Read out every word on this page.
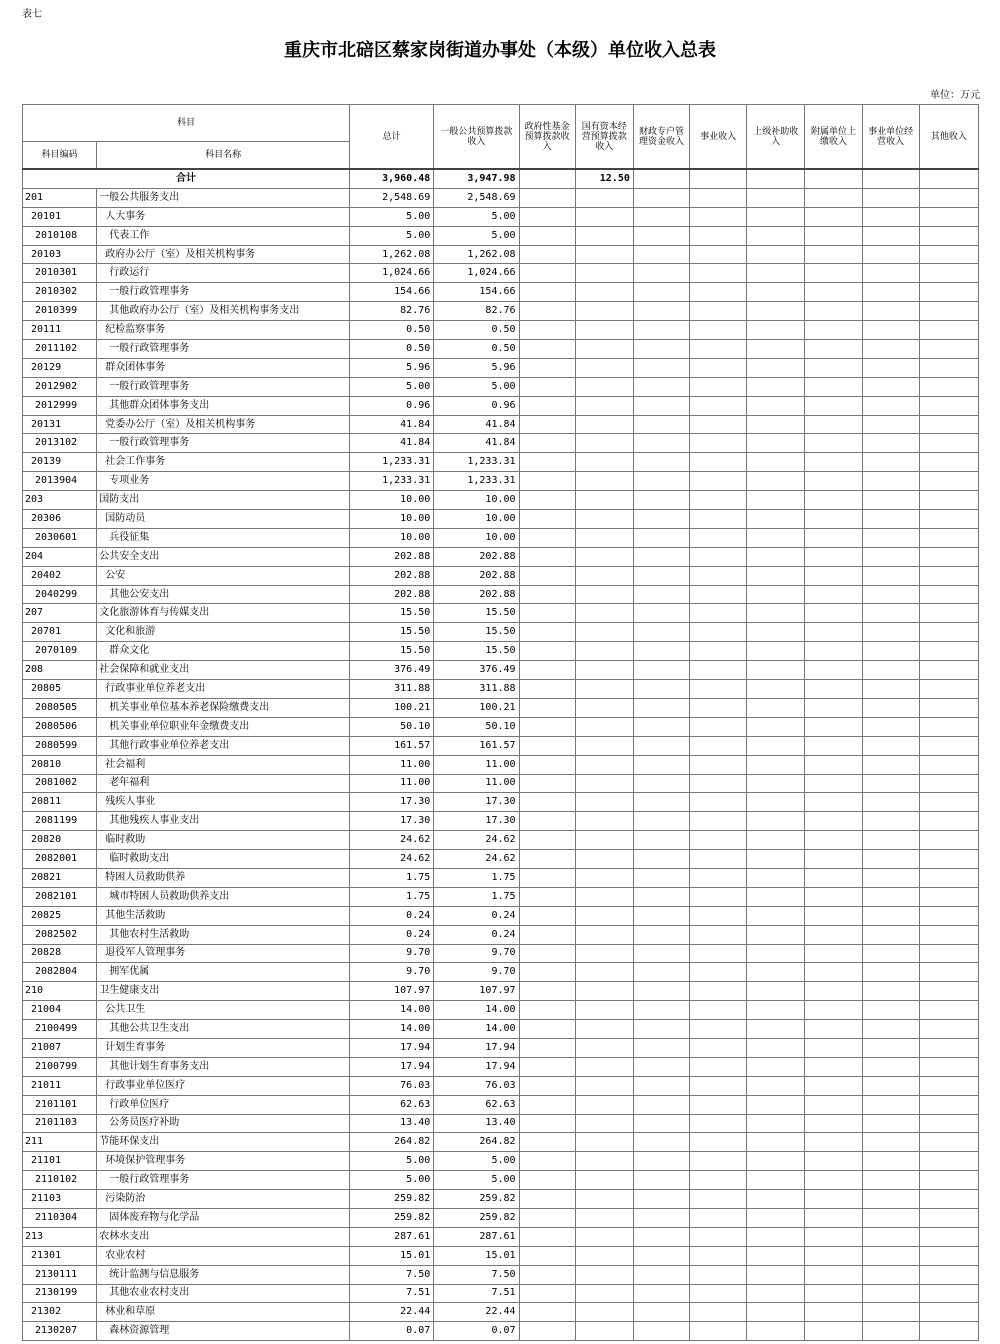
表七
重庆市北碚区蔡家岗街道办事处（本级）单位收入总表
单位：万元
科目		总计	一般公共预算拨款收入	政府性基金预算拨款收入	国有资本经营预算拨款收入	财政专户管理资金收入	事业收入	上级补助收入	附属单位上缴收入	事业单位经营收入	其他收入
科目编码	科目名称										
合计		3,960.48	3,947.98		12.50						
201	一般公共服务支出	2,548.69	2,548.69								
20101	人大事务	5.00	5.00								
2010108	代表工作	5.00	5.00								
20103	政府办公厅（室）及相关机构事务	1,262.08	1,262.08								
2010301	行政运行	1,024.66	1,024.66								
2010302	一般行政管理事务	154.66	154.66								
2010399	其他政府办公厅（室）及相关机构事务支出	82.76	82.76								
20111	纪检监察事务	0.50	0.50								
2011102	一般行政管理事务	0.50	0.50								
20129	群众团体事务	5.96	5.96								
2012902	一般行政管理事务	5.00	5.00								
2012999	其他群众团体事务支出	0.96	0.96								
20131	党委办公厅（室）及相关机构事务	41.84	41.84								
2013102	一般行政管理事务	41.84	41.84								
20139	社会工作事务	1,233.31	1,233.31								
2013904	专项业务	1,233.31	1,233.31								
203	国防支出	10.00	10.00								
20306	国防动员	10.00	10.00								
2030601	兵役征集	10.00	10.00								
204	公共安全支出	202.88	202.88								
20402	公安	202.88	202.88								
2040299	其他公安支出	202.88	202.88								
207	文化旅游体育与传媒支出	15.50	15.50								
20701	文化和旅游	15.50	15.50								
2070109	群众文化	15.50	15.50								
208	社会保障和就业支出	376.49	376.49								
20805	行政事业单位养老支出	311.88	311.88								
2080505	机关事业单位基本养老保险缴费支出	100.21	100.21								
2080506	机关事业单位职业年金缴费支出	50.10	50.10								
2080599	其他行政事业单位养老支出	161.57	161.57								
20810	社会福利	11.00	11.00								
2081002	老年福利	11.00	11.00								
20811	残疾人事业	17.30	17.30								
2081199	其他残疾人事业支出	17.30	17.30								
20820	临时救助	24.62	24.62								
2082001	临时救助支出	24.62	24.62								
20821	特困人员救助供养	1.75	1.75								
2082101	城市特困人员救助供养支出	1.75	1.75								
20825	其他生活救助	0.24	0.24								
2082502	其他农村生活救助	0.24	0.24								
20828	退役军人管理事务	9.70	9.70								
2082804	拥军优属	9.70	9.70								
210	卫生健康支出	107.97	107.97								
21004	公共卫生	14.00	14.00								
2100499	其他公共卫生支出	14.00	14.00								
21007	计划生育事务	17.94	17.94								
2100799	其他计划生育事务支出	17.94	17.94								
21011	行政事业单位医疗	76.03	76.03								
2101101	行政单位医疗	62.63	62.63								
2101103	公务员医疗补助	13.40	13.40								
211	节能环保支出	264.82	264.82								
21101	环境保护管理事务	5.00	5.00								
2110102	一般行政管理事务	5.00	5.00								
21103	污染防治	259.82	259.82								
2110304	固体废弃物与化学品	259.82	259.82								
213	农林水支出	287.61	287.61								
21301	农业农村	15.01	15.01								
2130111	统计监测与信息服务	7.50	7.50								
2130199	其他农业农村支出	7.51	7.51								
21302	林业和草原	22.44	22.44								
2130207	森林资源管理	0.07	0.07								
